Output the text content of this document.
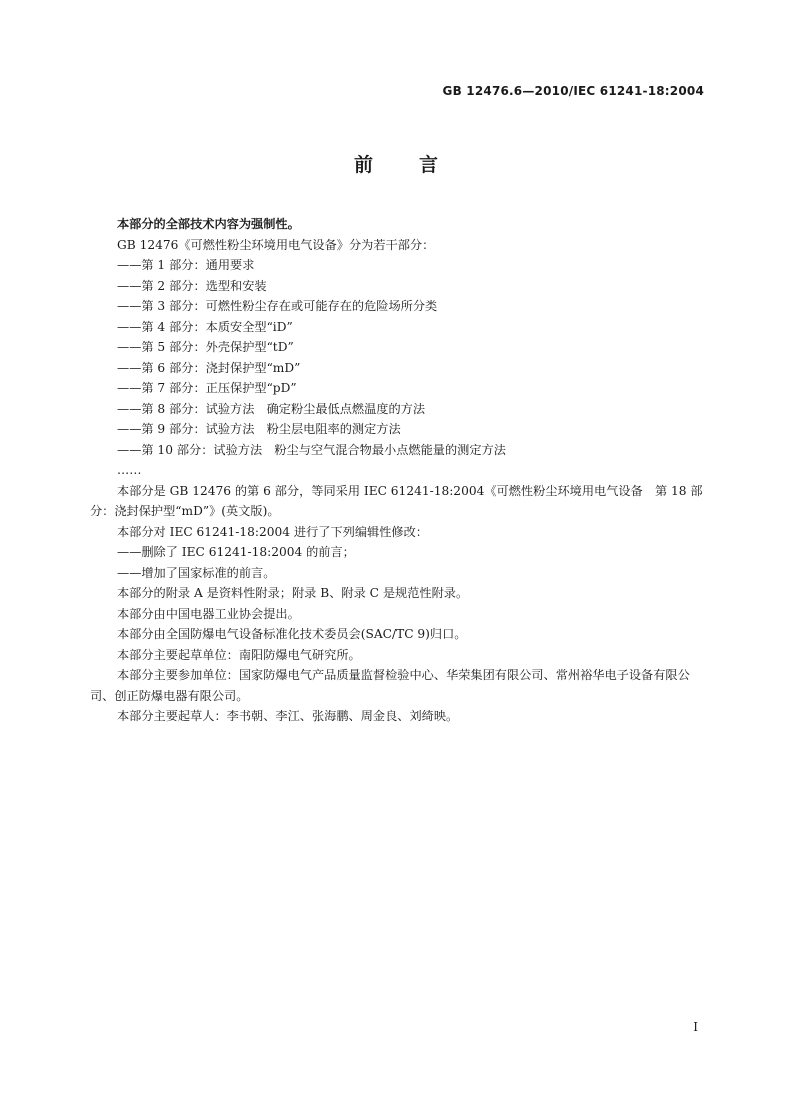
GB 12476.6—2010/IEC 61241-18:2004
前言

本部分的全部技术内容为强制性。

GB 12476《可燃性粉尘环境用电气设备》分为若干部分：

——第 1 部分：通用要求

——第 2 部分：选型和安装

——第 3 部分：可燃性粉尘存在或可能存在的危险场所分类

——第 4 部分：本质安全型“iD”

——第 5 部分：外壳保护型“tD”

——第 6 部分：浇封保护型“mD”

——第 7 部分：正压保护型“pD”

——第 8 部分：试验方法　确定粉尘最低点燃温度的方法

——第 9 部分：试验方法　粉尘层电阻率的测定方法

——第 10 部分：试验方法　粉尘与空气混合物最小点燃能量的测定方法

……

本部分是 GB 12476 的第 6 部分，等同采用 IEC 61241-18:2004《可燃性粉尘环境用电气设备　第 18 部分：浇封保护型“mD”》(英文版)。

本部分对 IEC 61241-18:2004 进行了下列编辑性修改：

——删除了 IEC 61241-18:2004 的前言；

——增加了国家标准的前言。

本部分的附录 A 是资料性附录；附录 B、附录 C 是规范性附录。

本部分由中国电器工业协会提出。

本部分由全国防爆电气设备标准化技术委员会(SAC/TC 9)归口。

本部分主要起草单位：南阳防爆电气研究所。

本部分主要参加单位：国家防爆电气产品质量监督检验中心、华荣集团有限公司、常州裕华电子设备有限公司、创正防爆电器有限公司。

本部分主要起草人：李书朝、李江、张海鹏、周金良、刘绮映。

I
